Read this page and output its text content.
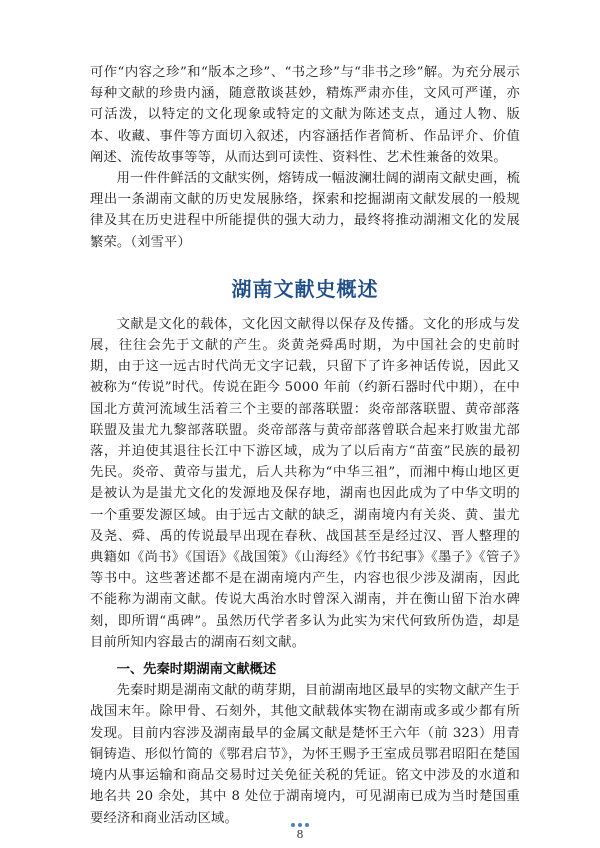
可作“内容之珍”和“版本之珍”、“书之珍”与“非书之珍”解。为充分展示每种文献的珍贵内涵，随意散谈甚妙，精炼严肃亦佳，文风可严谨，亦可活泼，以特定的文化现象或特定的文献为陈述支点，通过人物、版本、收藏、事件等方面切入叙述，内容涵括作者简析、作品评介、价值阐述、流传故事等等，从而达到可读性、资料性、艺术性兼备的效果。

用一件件鲜活的文献实例，熔铸成一幅波澜壮阔的湖南文献史画，梳理出一条湖南文献的历史发展脉络，探索和挖掘湖南文献发展的一般规律及其在历史进程中所能提供的强大动力，最终将推动湖湘文化的发展繁荣。（刘雪平）

湖南文献史概述

文献是文化的载体，文化因文献得以保存及传播。文化的形成与发展，往往会先于文献的产生。炎黄尧舜禹时期，为中国社会的史前时期，由于这一远古时代尚无文字记载，只留下了许多神话传说，因此又被称为“传说”时代。传说在距今 5000 年前（约新石器时代中期），在中国北方黄河流域生活着三个主要的部落联盟：炎帝部落联盟、黄帝部落联盟及蚩尤九黎部落联盟。炎帝部落与黄帝部落曾联合起来打败蚩尤部落，并迫使其退往长江中下游区域，成为了以后南方“苗蛮”民族的最初先民。炎帝、黄帝与蚩尤，后人共称为“中华三祖”，而湘中梅山地区更是被认为是蚩尤文化的发源地及保存地，湖南也因此成为了中华文明的一个重要发源区域。由于远古文献的缺乏，湖南境内有关炎、黄、蚩尤及尧、舜、禹的传说最早出现在春秋、战国甚至是经过汉、晋人整理的典籍如《尚书》《国语》《战国策》《山海经》《竹书纪事》《墨子》《管子》等书中。这些著述都不是在湖南境内产生，内容也很少涉及湖南，因此不能称为湖南文献。传说大禹治水时曾深入湖南，并在衡山留下治水碑刻，即所谓“禹碑”。虽然历代学者多认为此实为宋代何致所伪造，却是目前所知内容最古的湖南石刻文献。

一、先秦时期湖南文献概述

先秦时期是湖南文献的萌芽期，目前湖南地区最早的实物文献产生于战国末年。除甲骨、石刻外，其他文献载体实物在湖南或多或少都有所发现。目前内容涉及湖南最早的金属文献是楚怀王六年（前 323）用青铜铸造、形似竹简的《鄂君启节》，为怀王赐予王室成员鄂君昭阳在楚国境内从事运输和商品交易时过关免征关税的凭证。铭文中涉及的水道和地名共 20 余处，其中 8 处位于湖南境内，可见湖南已成为当时楚国重要经济和商业活动区域。

8
